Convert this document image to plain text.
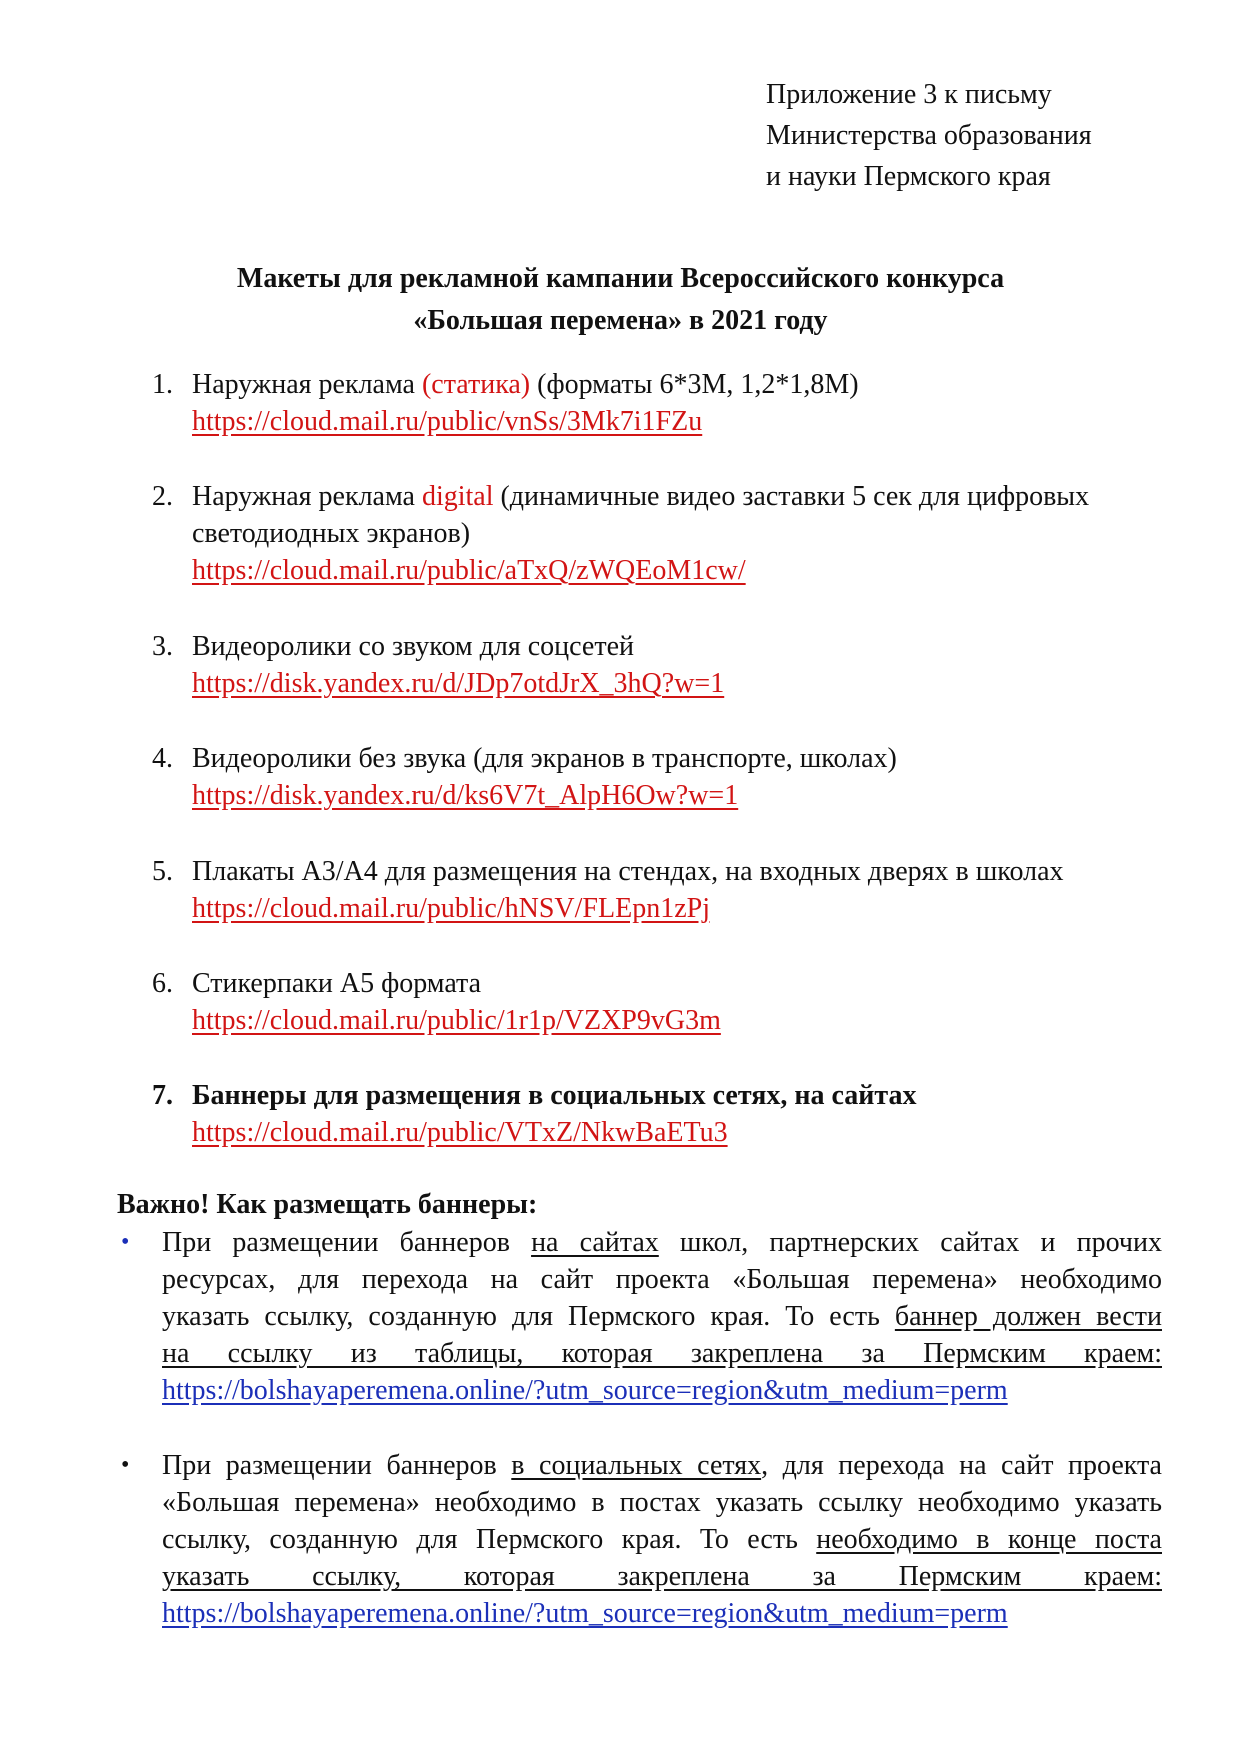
Приложение 3 к письму
Министерства образования
и науки Пермского края
Макеты для рекламной кампании Всероссийского конкурса
«Большая перемена» в 2021 году
1. Наружная реклама (статика) (форматы 6*3М, 1,2*1,8М)
https://cloud.mail.ru/public/vnSs/3Mk7i1FZu
2. Наружная реклама digital (динамичные видео заставки 5 сек для цифровых
светодиодных экранов)
https://cloud.mail.ru/public/aTxQ/zWQEoM1cw/
3. Видеоролики со звуком для соцсетей
https://disk.yandex.ru/d/JDp7otdJrX_3hQ?w=1
4. Видеоролики без звука (для экранов в транспорте, школах)
https://disk.yandex.ru/d/ks6V7t_AlpH6Ow?w=1
5. Плакаты А3/А4 для размещения на стендах, на входных дверях в школах
https://cloud.mail.ru/public/hNSV/FLEpn1zPj
6. Стикерпаки А5 формата
https://cloud.mail.ru/public/1r1p/VZXP9vG3m
7. Баннеры для размещения в социальных сетях, на сайтах
https://cloud.mail.ru/public/VTxZ/NkwBaETu3
Важно! Как размещать баннеры:
• При размещении баннеров на сайтах школ, партнерских сайтах и прочих
ресурсах, для перехода на сайт проекта «Большая перемена» необходимо
указать ссылку, созданную для Пермского края. То есть баннер должен вести
на ссылку из таблицы, которая закреплена за Пермским краем:
https://bolshayaperemena.online/?utm_source=region&utm_medium=perm
• При размещении баннеров в социальных сетях, для перехода на сайт проекта
«Большая перемена» необходимо в постах указать ссылку необходимо указать
ссылку, созданную для Пермского края. То есть необходимо в конце поста
указать ссылку, которая закреплена за Пермским краем:
https://bolshayaperemena.online/?utm_source=region&utm_medium=perm
